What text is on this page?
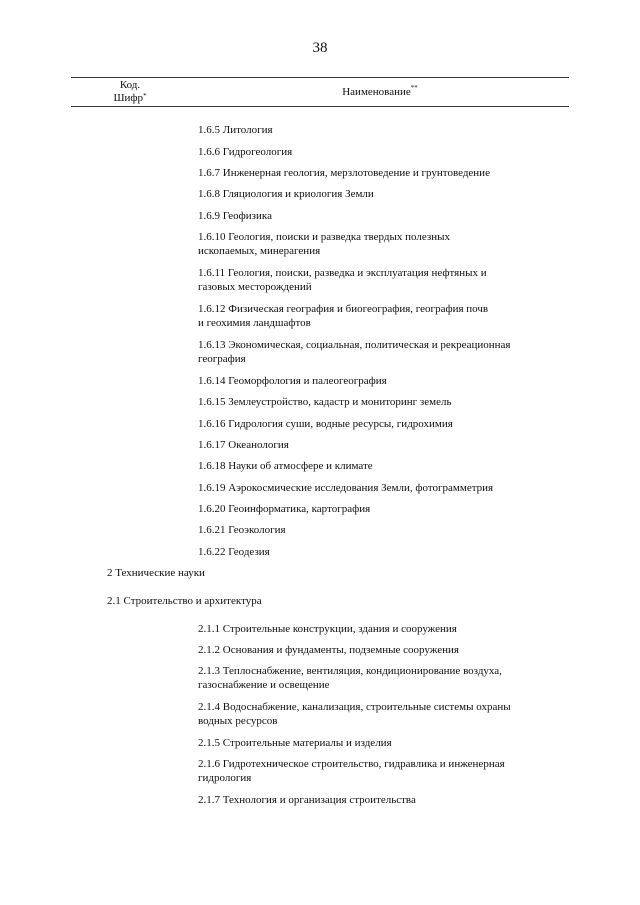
38
Код.
Шифр*	Наименование**
1.6.5 Литология
1.6.6 Гидрогеология
1.6.7 Инженерная геология, мерзлотоведение и грунтоведение
1.6.8 Гляциология и криология Земли
1.6.9 Геофизика
1.6.10 Геология, поиски и разведка твердых полезных
ископаемых, минерагения
1.6.11 Геология, поиски, разведка и эксплуатация нефтяных и
газовых месторождений
1.6.12 Физическая география и биогеография, география почв
и геохимия ландшафтов
1.6.13 Экономическая, социальная, политическая и рекреационная
география
1.6.14 Геоморфология и палеогеография
1.6.15 Землеустройство, кадастр и мониторинг земель
1.6.16 Гидрология суши, водные ресурсы, гидрохимия
1.6.17 Океанология
1.6.18 Науки об атмосфере и климате
1.6.19 Аэрокосмические исследования Земли, фотограмметрия
1.6.20 Геоинформатика, картография
1.6.21 Геоэкология
1.6.22 Геодезия
2 Технические науки
2.1 Строительство и архитектура
2.1.1 Строительные конструкции, здания и сооружения
2.1.2 Основания и фундаменты, подземные сооружения
2.1.3 Теплоснабжение, вентиляция, кондиционирование воздуха,
газоснабжение и освещение
2.1.4 Водоснабжение, канализация, строительные системы охраны
водных ресурсов
2.1.5 Строительные материалы и изделия
2.1.6 Гидротехническое строительство, гидравлика и инженерная
гидрология
2.1.7 Технология и организация строительства
